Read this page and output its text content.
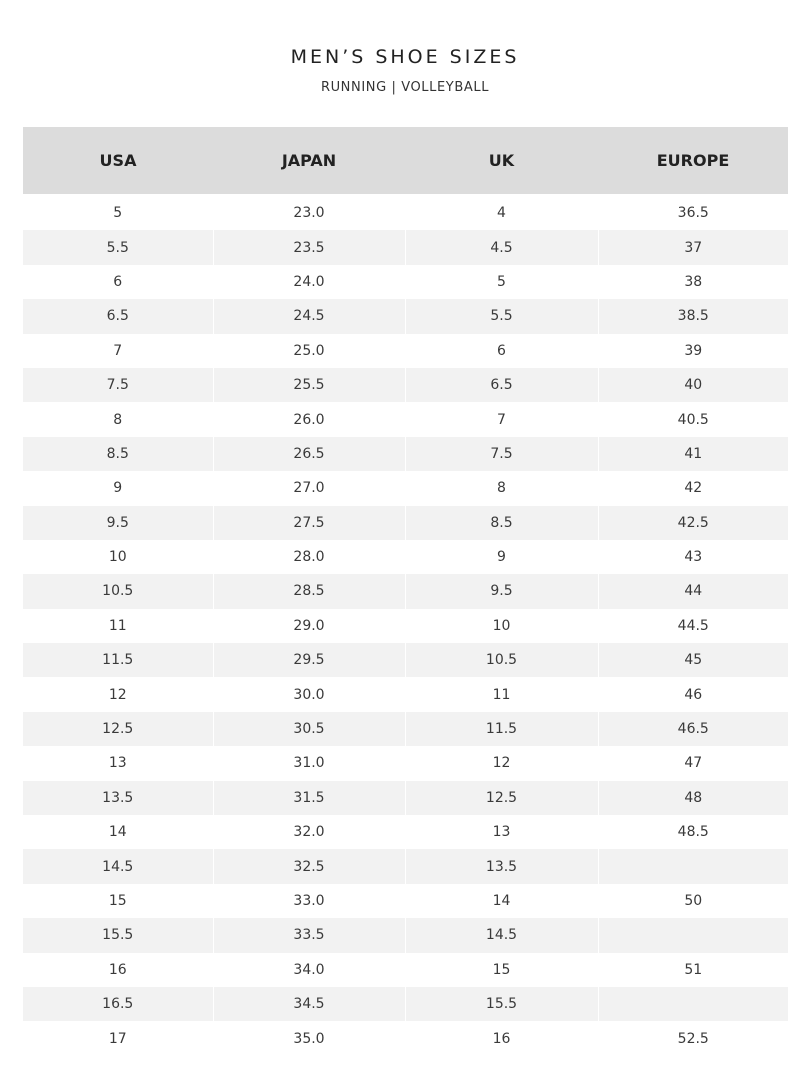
MEN’S SHOE SIZES
RUNNING | VOLLEYBALL
USA	JAPAN	UK	EUROPE
5	23.0	4	36.5
5.5	23.5	4.5	37
6	24.0	5	38
6.5	24.5	5.5	38.5
7	25.0	6	39
7.5	25.5	6.5	40
8	26.0	7	40.5
8.5	26.5	7.5	41
9	27.0	8	42
9.5	27.5	8.5	42.5
10	28.0	9	43
10.5	28.5	9.5	44
11	29.0	10	44.5
11.5	29.5	10.5	45
12	30.0	11	46
12.5	30.5	11.5	46.5
13	31.0	12	47
13.5	31.5	12.5	48
14	32.0	13	48.5
14.5	32.5	13.5	
15	33.0	14	50
15.5	33.5	14.5	
16	34.0	15	51
16.5	34.5	15.5	
17	35.0	16	52.5
